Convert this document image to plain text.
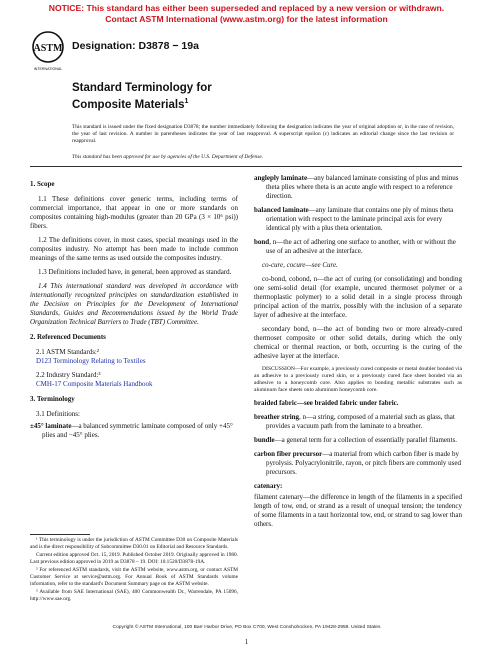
NOTICE: This standard has either been superseded and replaced by a new version or withdrawn.
Contact ASTM International (www.astm.org) for the latest information
ASTM
INTERNATIONAL
Designation: D3878 − 19a
Standard Terminology for
Composite Materials$^1$
This standard is issued under the fixed designation D3878; the number immediately following the designation indicates the year of original adoption or, in the case of revision, the year of last revision. A number in parentheses indicates the year of last reapproval. A superscript epsilon (ε) indicates an editorial change since the last revision or reapproval.
This standard has been approved for use by agencies of the U.S. Department of Defense.

1. Scope

1.1 These definitions cover generic terms, including terms of commercial importance, that appear in one or more standards on composites containing high-modulus (greater than 20 GPa (3 × 10⁶ psi)) fibers.

1.2 The definitions cover, in most cases, special meanings used in the composites industry. No attempt has been made to include common meanings of the same terms as used outside the composites industry.

1.3 Definitions included have, in general, been approved as standard.

1.4 This international standard was developed in accordance with internationally recognized principles on standardization established in the Decision on Principles for the Development of International Standards, Guides and Recommendations issued by the World Trade Organization Technical Barriers to Trade (TBT) Committee.

2. Referenced Documents

2.1 ASTM Standards:²

D123 Terminology Relating to Textiles

2.2 Industry Standard:³

CMH-17 Composite Materials Handbook

3. Terminology

3.1 Definitions:

±45° laminate—a balanced symmetric laminate composed of only +45° plies and −45° plies.

¹ This terminology is under the jurisdiction of ASTM Committee D30 on Composite Materials and is the direct responsibility of Subcommittee D30.01 on Editorial and Resource Standards.

Current edition approved Oct. 15, 2019. Published October 2019. Originally approved in 1980. Last previous edition approved in 2019 as D3878 – 19. DOI: 10.1520/D3878-19A.

² For referenced ASTM standards, visit the ASTM website, www.astm.org, or contact ASTM Customer Service at service@astm.org. For Annual Book of ASTM Standards volume information, refer to the standard's Document Summary page on the ASTM website.

³ Available from SAE International (SAE), 400 Commonwealth Dr., Warrendale, PA 15096, http://www.sae.org.

angleply laminate—any balanced laminate consisting of plus and minus theta plies where theta is an acute angle with respect to a reference direction.

balanced laminate—any laminate that contains one ply of minus theta orientation with respect to the laminate principal axis for every identical ply with a plus theta orientation.

bond, n—the act of adhering one surface to another, with or without the use of an adhesive at the interface.

co-cure, cocure—see Cure.

co-bond, cobond, n—the act of curing (or consolidating) and bonding one semi-solid detail (for example, uncured thermoset polymer or a thermoplastic polymer) to a solid detail in a single process through principal action of the matrix, possibly with the inclusion of a separate layer of adhesive at the interface.

secondary bond, n—the act of bonding two or more already-cured thermoset composite or other solid details, during which the only chemical or thermal reaction, or both, occurring is the curing of the adhesive layer at the interface.

DISCUSSION—For example, a previously cured composite or metal doubler bonded via an adhesive to a previously cured skin, or a previously cured face sheet bonded via an adhesive to a honeycomb core. Also applies to bonding metallic substrates such as aluminum face sheets onto aluminum honeycomb core.

braided fabric—see braided fabric under fabric.

breather string, n—a string, composed of a material such as glass, that provides a vacuum path from the laminate to a breather.

bundle—a general term for a collection of essentially parallel filaments.

carbon fiber precursor—a material from which carbon fiber is made by pyrolysis. Polyacrylonitrile, rayon, or pitch fibers are commonly used precursors.

catenary:

filament catenary—the difference in length of the filaments in a specified length of tow, end, or strand as a result of unequal tension; the tendency of some filaments in a taut horizontal tow, end, or strand to sag lower than others.

Copyright © ASTM International, 100 Barr Harbor Drive, PO Box C700, West Conshohocken, PA 19428-2959. United States
1
